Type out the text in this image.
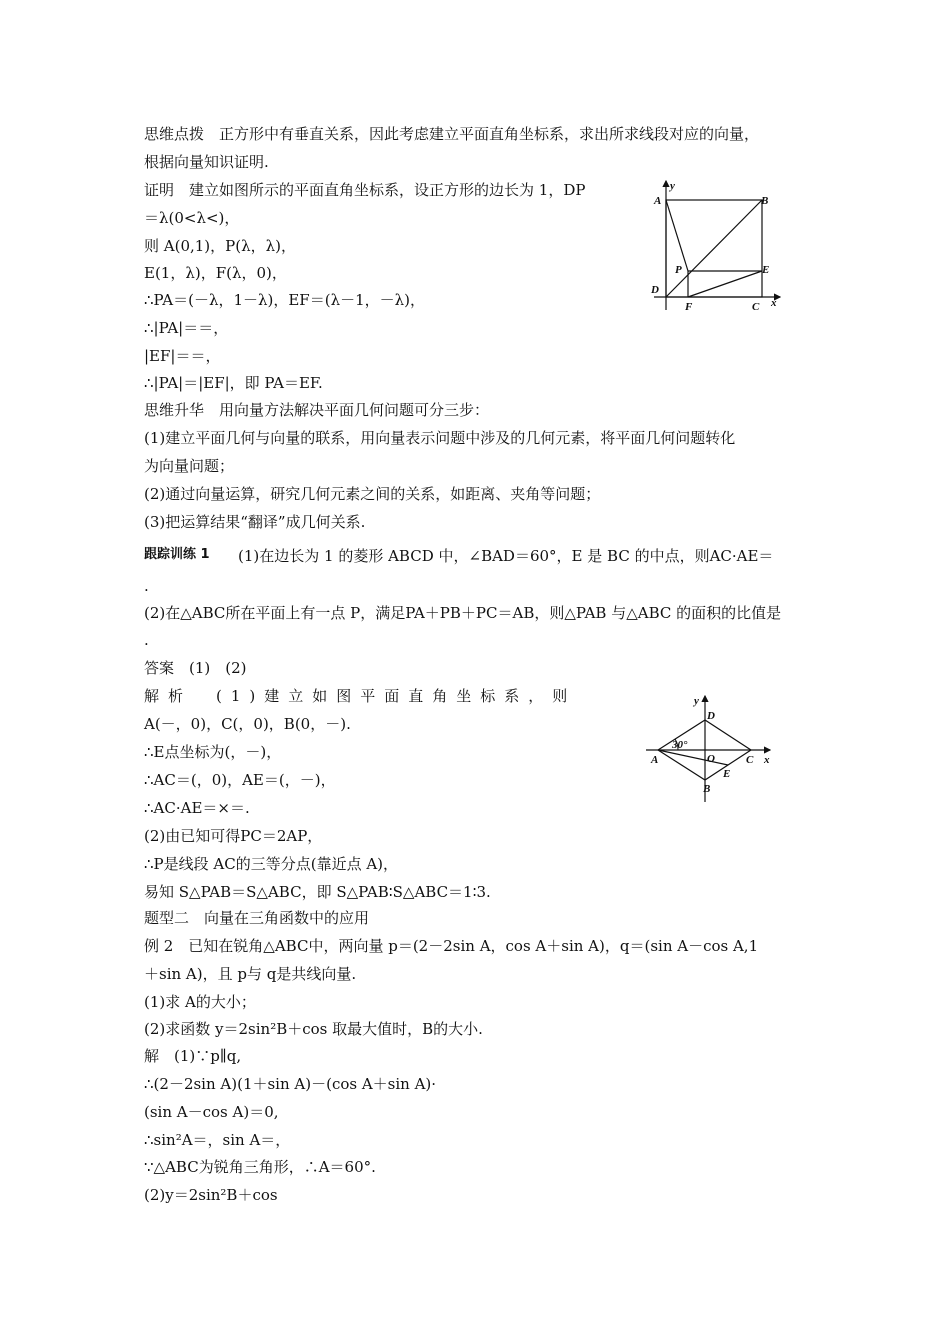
思维点拨　正方形中有垂直关系，因此考虑建立平面直角坐标系，求出所求线段对应的向量，
根据向量知识证明.
证明　建立如图所示的平面直角坐标系，设正方形的边长为 1，DP
＝λ(0<λ<)，
则 A(0,1)，P(λ，λ)，
E(1，λ)，F(λ，0)，
∴PA＝(－λ，1－λ)，EF＝(λ－1，－λ)，
∴|PA|＝＝，
|EF|＝＝，
∴|PA|＝|EF|，即 PA＝EF.
思维升华　用向量方法解决平面几何问题可分三步：
(1)建立平面几何与向量的联系，用向量表示问题中涉及的几何元素，将平面几何问题转化
为向量问题；
(2)通过向量运算，研究几何元素之间的关系，如距离、夹角等问题；
(3)把运算结果“翻译”成几何关系.
跟踪训练 1 (1)在边长为 1 的菱形 ABCD 中，∠BAD＝60°，E 是 BC 的中点，则AC·AE＝
.
(2)在△ABC所在平面上有一点 P，满足PA＋PB＋PC＝AB，则△PAB 与△ABC 的面积的比值是
.
答案　(1)　(2)
解析　(1)建立如图平面直角坐标系，则
A(－，0)，C(，0)，B(0，－).
∴E点坐标为(，－)，
∴AC＝(，0)，AE＝(，－)，
∴AC·AE＝×＝.
(2)由已知可得PC＝2AP，
∴P是线段 AC的三等分点(靠近点 A)，
易知 S△PAB＝S△ABC，即 S△PAB∶S△ABC＝1∶3.
题型二　向量在三角函数中的应用
例 2　已知在锐角△ABC中，两向量 p＝(2－2sin A，cos A＋sin A)，q＝(sin A－cos A,1
＋sin A)，且 p与 q是共线向量.
(1)求 A的大小；
(2)求函数 y＝2sin²B＋cos 取最大值时，B的大小.
解　(1)∵p∥q,
∴(2－2sin A)(1＋sin A)－(cos A＋sin A)·
(sin A－cos A)＝0,
∴sin²A＝，sin A＝，
∵△ABC为锐角三角形，∴A＝60°.
(2)y＝2sin²B＋cos
y
x
A	B
P	E
D
F	C
y
x
D
30°
A	O	C
E
B
